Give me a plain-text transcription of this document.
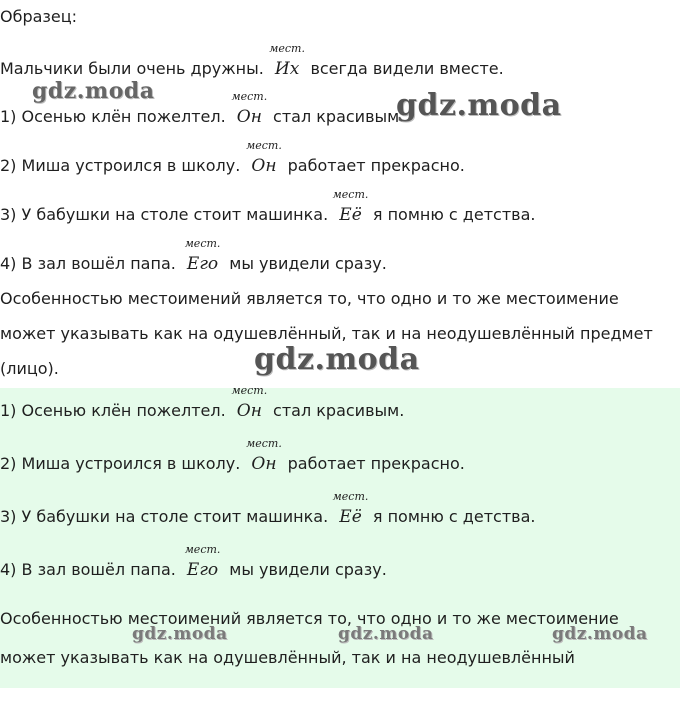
Образец:
Мальчики были очень дружны.
мест.
Их всегда видели вместе.
1) Осенью клён пожелтел.
мест.
Он стал красивым.
2) Миша устроился в школу.
мест.
Он работает прекрасно.
3) У бабушки на столе стоит машинка.
мест.
Её я помню с детства.
4) В зал вошёл папа.
мест.
Его мы увидели сразу.
Особенностью местоимений является то, что одно и то же местоимение
может указывать как на одушевлённый, так и на неодушевлённый предмет
(лицо).
1) Осенью клён пожелтел.
мест.
Он стал красивым.
2) Миша устроился в школу.
мест.
Он работает прекрасно.
3) У бабушки на столе стоит машинка.
мест.
Её я помню с детства.
4) В зал вошёл папа.
мест.
Его мы увидели сразу.
Особенностью местоимений является то, что одно и то же местоимение
может указывать как на одушевлённый, так и на неодушевлённый
gdz.moda	gdz.moda
gdz.moda
gdz.moda	gdz.moda	gdz.moda
